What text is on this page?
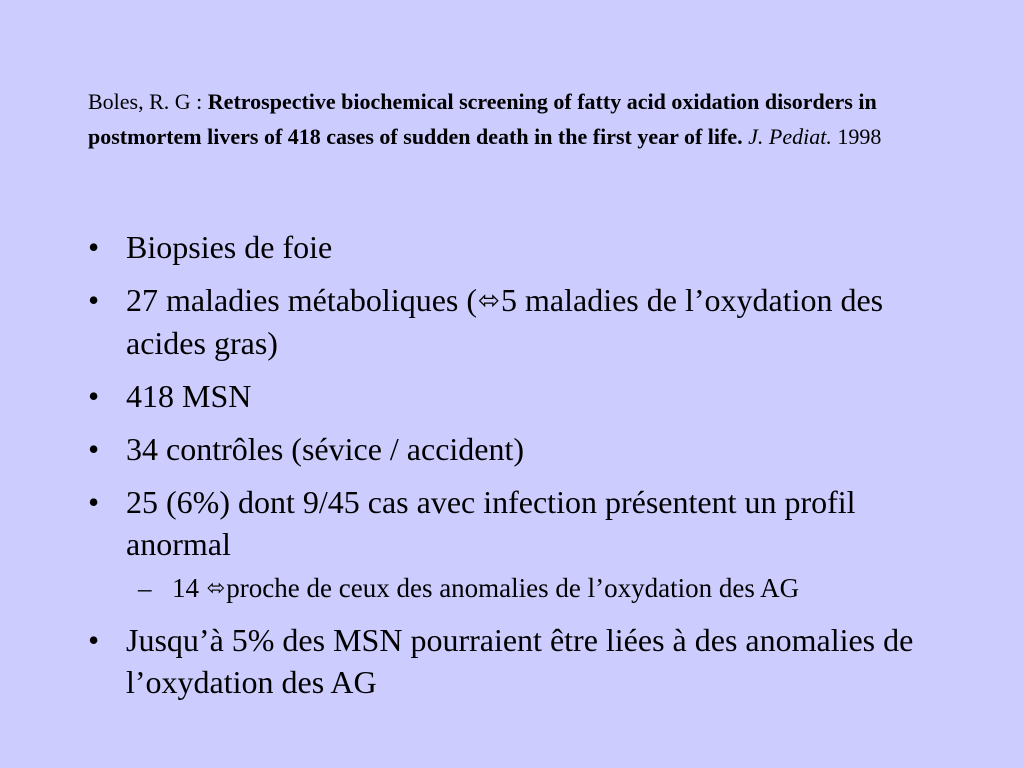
Boles, R. G : Retrospective biochemical screening of fatty acid oxidation disorders in postmortem livers of 418 cases of sudden death in the first year of life. J. Pediat. 1998

• Biopsies de foie
• 27 maladies métaboliques (⬄5 maladies de l’oxydation des acides gras)
• 418 MSN
• 34 contrôles (sévice / accident)
• 25 (6%) dont 9/45 cas avec infection présentent un profil anormal
– 14 ⬄proche de ceux des anomalies de l’oxydation des AG
• Jusqu’à 5% des MSN pourraient être liées à des anomalies de l’oxydation des AG
